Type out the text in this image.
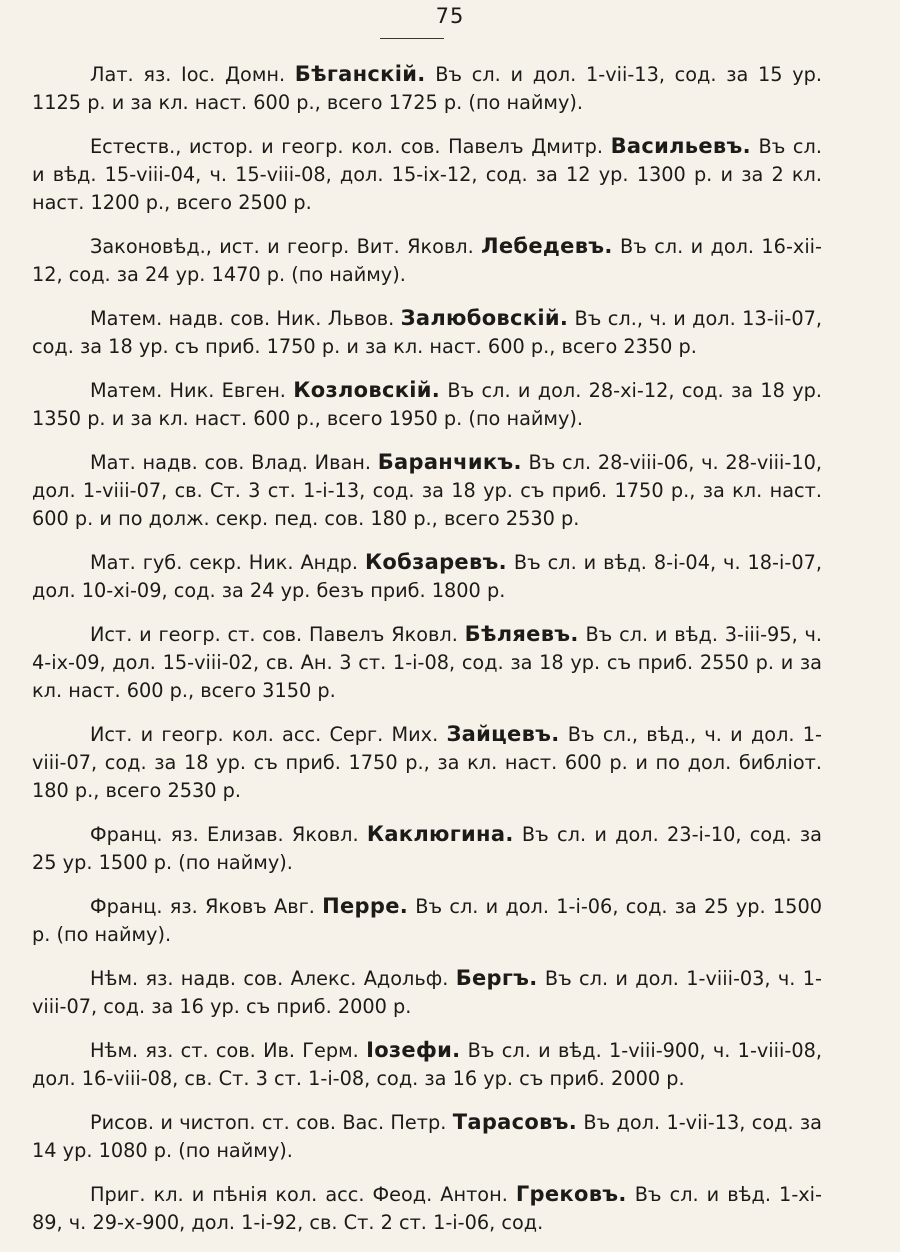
75

Лат. яз. Іос. Домн. Бѣганскій. Въ сл. и дол. 1-vii-13, сод. за 15 ур. 1125 р. и за кл. наст. 600 р., всего 1725 р. (по найму).

Естеств., истор. и геогр. кол. сов. Павелъ Дмитр. Васильевъ. Въ сл. и вѣд. 15-viii-04, ч. 15-viii-08, дол. 15-ix-12, сод. за 12 ур. 1300 р. и за 2 кл. наст. 1200 р., всего 2500 р.

Законовѣд., ист. и геогр. Вит. Яковл. Лебедевъ. Въ сл. и дол. 16-xii-12, сод. за 24 ур. 1470 р. (по найму).

Матем. надв. сов. Ник. Львов. Залюбовскій. Въ сл., ч. и дол. 13-ii-07, сод. за 18 ур. съ приб. 1750 р. и за кл. наст. 600 р., всего 2350 р.

Матем. Ник. Евген. Козловскій. Въ сл. и дол. 28-xi-12, сод. за 18 ур. 1350 р. и за кл. наст. 600 р., всего 1950 р. (по найму).

Мат. надв. сов. Влад. Иван. Баранчикъ. Въ сл. 28-viii-06, ч. 28-viii-10, дол. 1-viii-07, св. Ст. 3 ст. 1-i-13, сод. за 18 ур. съ приб. 1750 р., за кл. наст. 600 р. и по долж. секр. пед. сов. 180 р., всего 2530 р.

Мат. губ. секр. Ник. Андр. Кобзаревъ. Въ сл. и вѣд. 8-i-04, ч. 18-i-07, дол. 10-xi-09, сод. за 24 ур. безъ приб. 1800 р.

Ист. и геогр. ст. сов. Павелъ Яковл. Бѣляевъ. Въ сл. и вѣд. 3-iii-95, ч. 4-ix-09, дол. 15-viii-02, св. Ан. 3 ст. 1-i-08, сод. за 18 ур. съ приб. 2550 р. и за кл. наст. 600 р., всего 3150 р.

Ист. и геогр. кол. асс. Серг. Мих. Зайцевъ. Въ сл., вѣд., ч. и дол. 1-viii-07, сод. за 18 ур. съ приб. 1750 р., за кл. наст. 600 р. и по дол. библіот. 180 р., всего 2530 р.

Франц. яз. Елизав. Яковл. Каклюгина. Въ сл. и дол. 23-i-10, сод. за 25 ур. 1500 р. (по найму).

Франц. яз. Яковъ Авг. Перре. Въ сл. и дол. 1-i-06, сод. за 25 ур. 1500 р. (по найму).

Нѣм. яз. надв. сов. Алекс. Адольф. Бергъ. Въ сл. и дол. 1-viii-03, ч. 1-viii-07, сод. за 16 ур. съ приб. 2000 р.

Нѣм. яз. ст. сов. Ив. Герм. Іозефи. Въ сл. и вѣд. 1-viii-900, ч. 1-viii-08, дол. 16-viii-08, св. Ст. 3 ст. 1-i-08, сод. за 16 ур. съ приб. 2000 р.

Рисов. и чистоп. ст. сов. Вас. Петр. Тарасовъ. Въ дол. 1-vii-13, сод. за 14 ур. 1080 р. (по найму).

Приг. кл. и пѣнія кол. асс. Феод. Антон. Грековъ. Въ сл. и вѣд. 1-xi-89, ч. 29-x-900, дол. 1-i-92, св. Ст. 2 ст. 1-i-06, сод.
